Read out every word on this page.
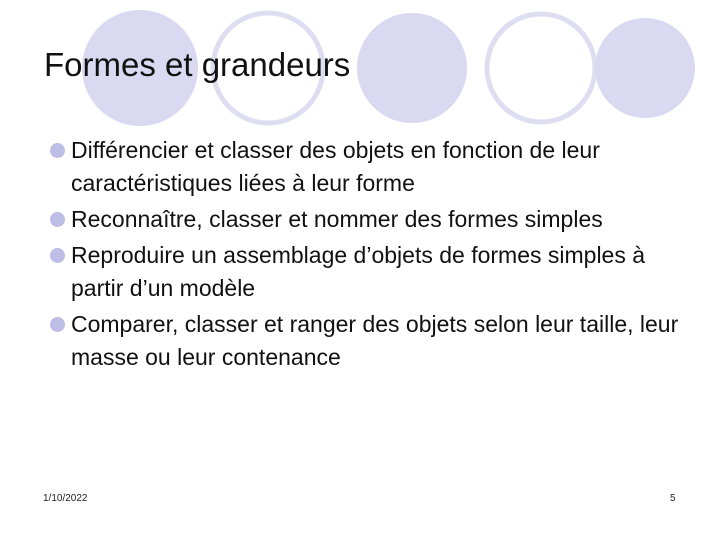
Formes et grandeurs
Différencier et classer des objets en fonction de leur caractéristiques liées à leur forme
Reconnaître, classer et nommer des formes simples
Reproduire un assemblage d’objets de formes simples à partir d’un modèle
Comparer, classer et ranger des objets selon leur taille, leur masse ou leur contenance
1/10/2022	5
